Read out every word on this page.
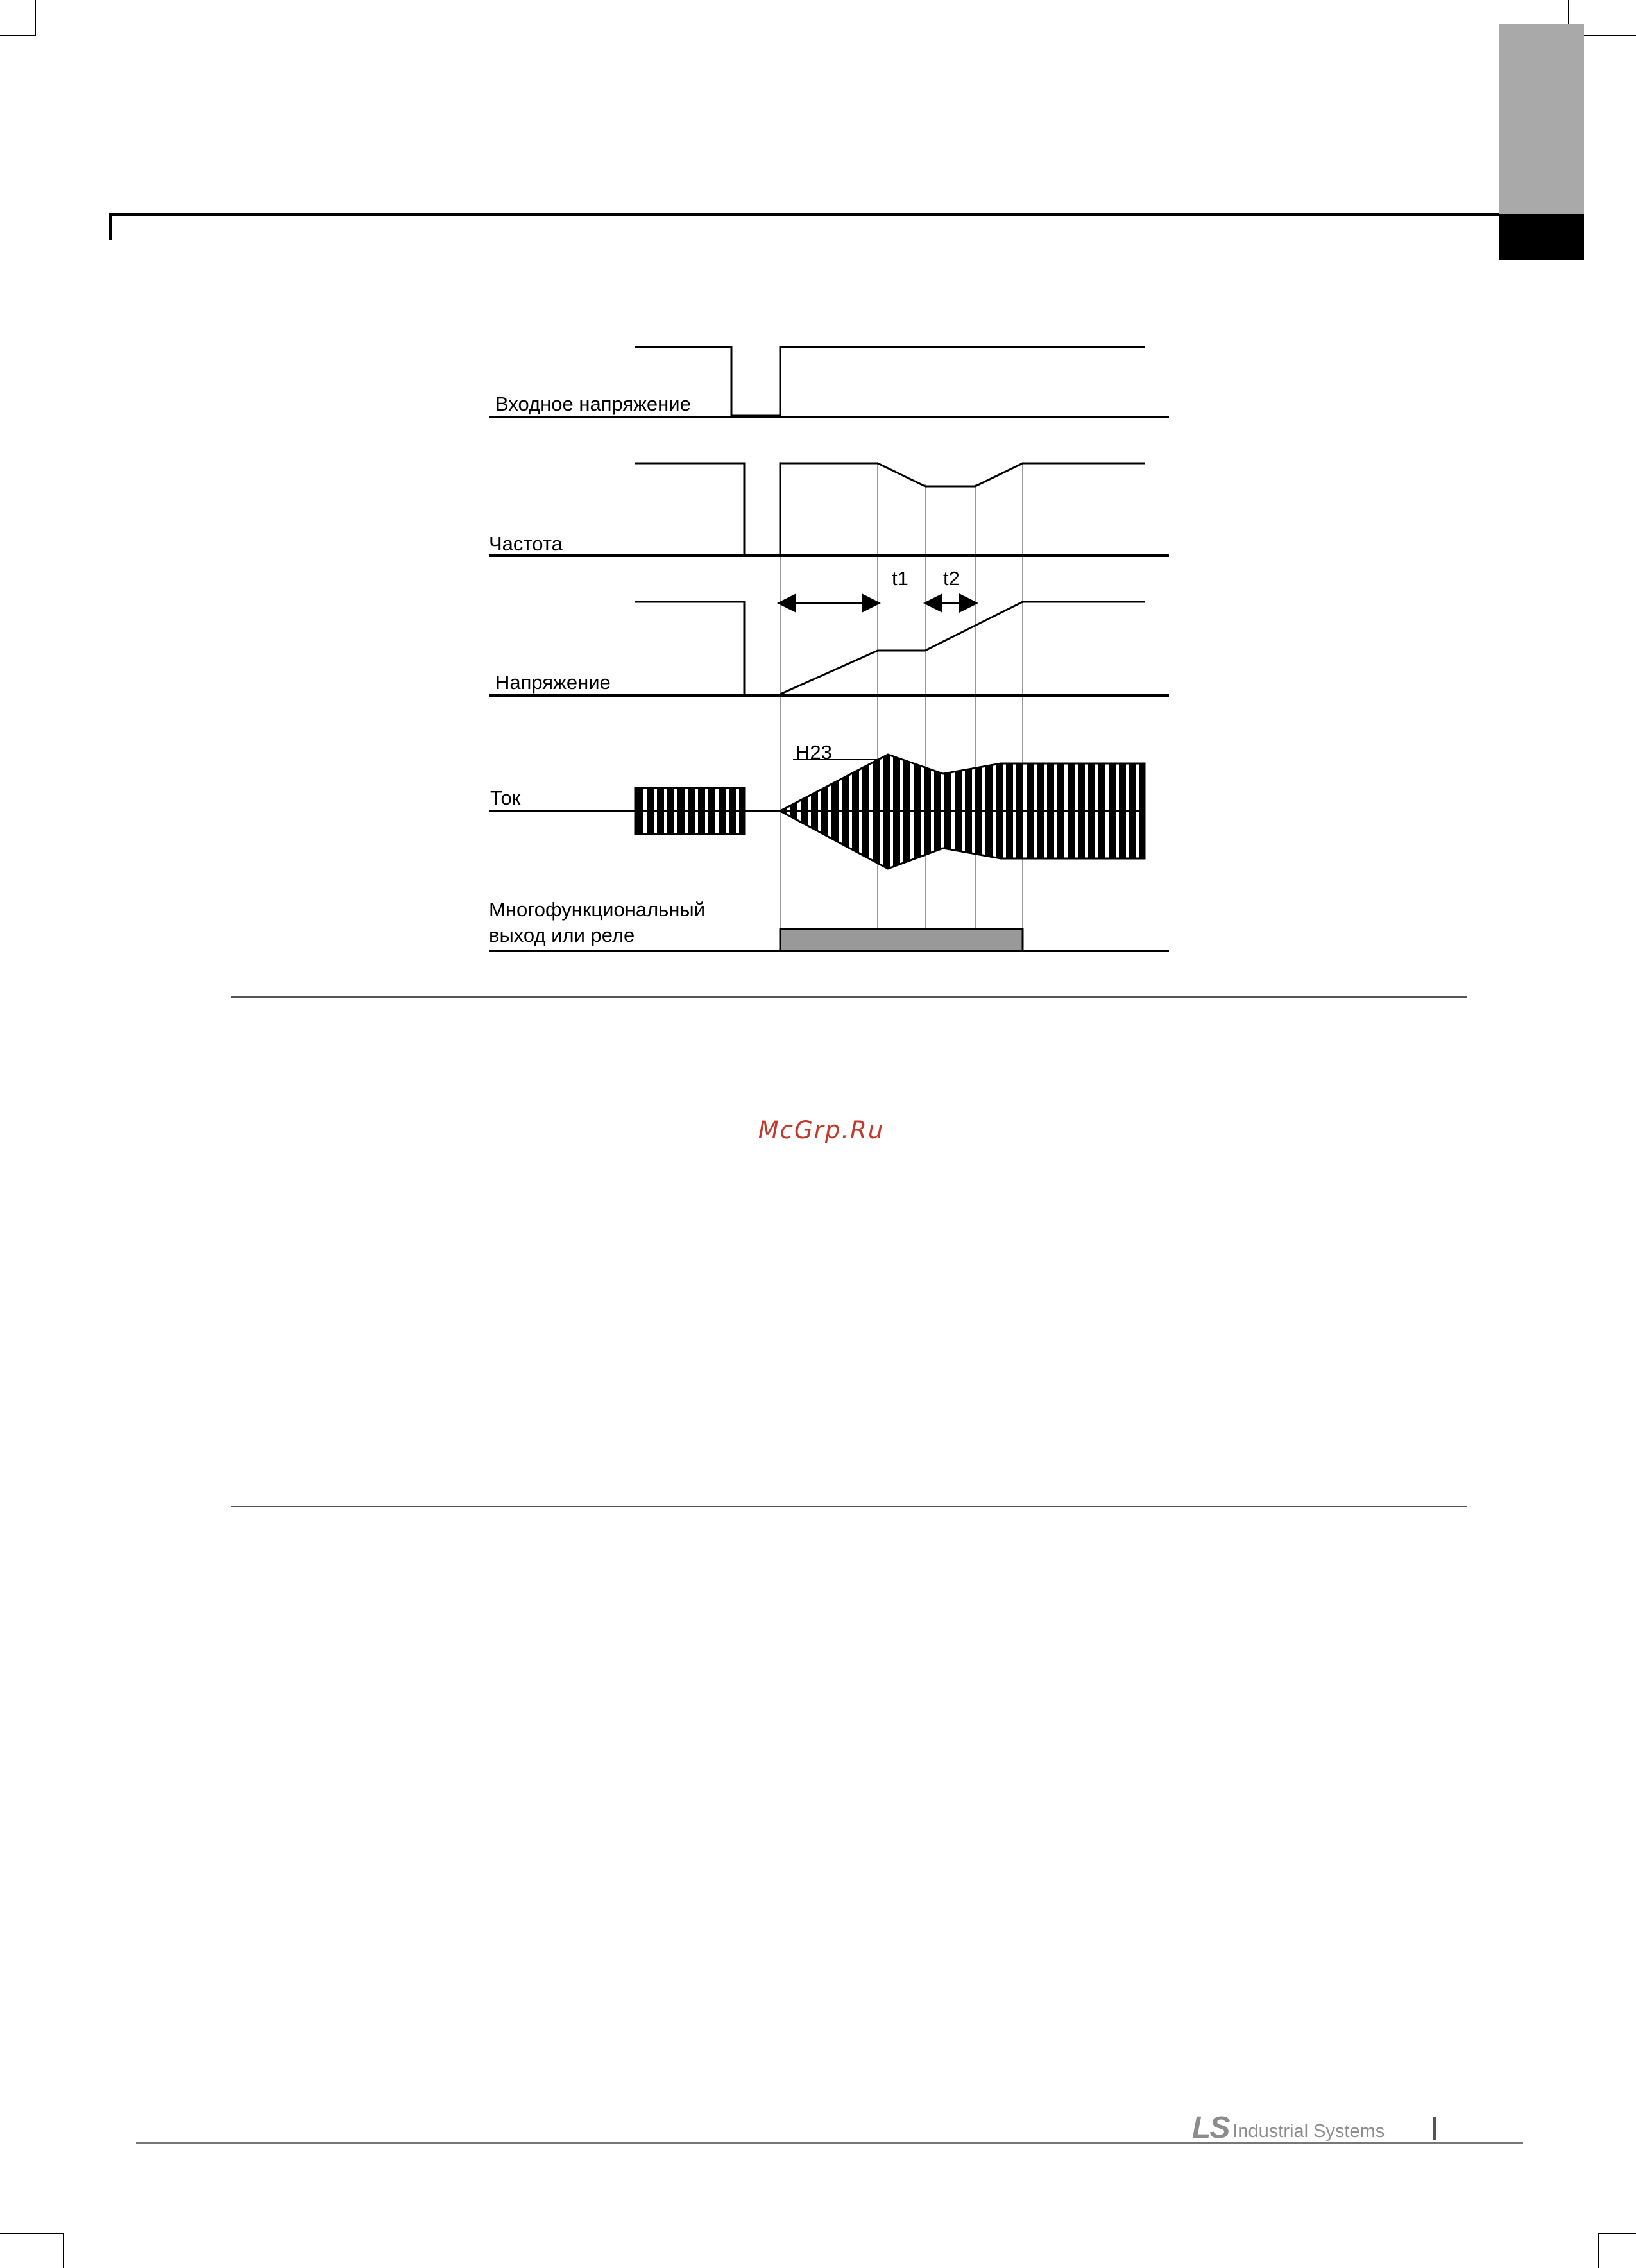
Входное напряжение
Частота
t1 t2
Напряжение
H23
Ток
Многофункциональный
выход или реле
McGrp.Ru
LS Industrial Systems
